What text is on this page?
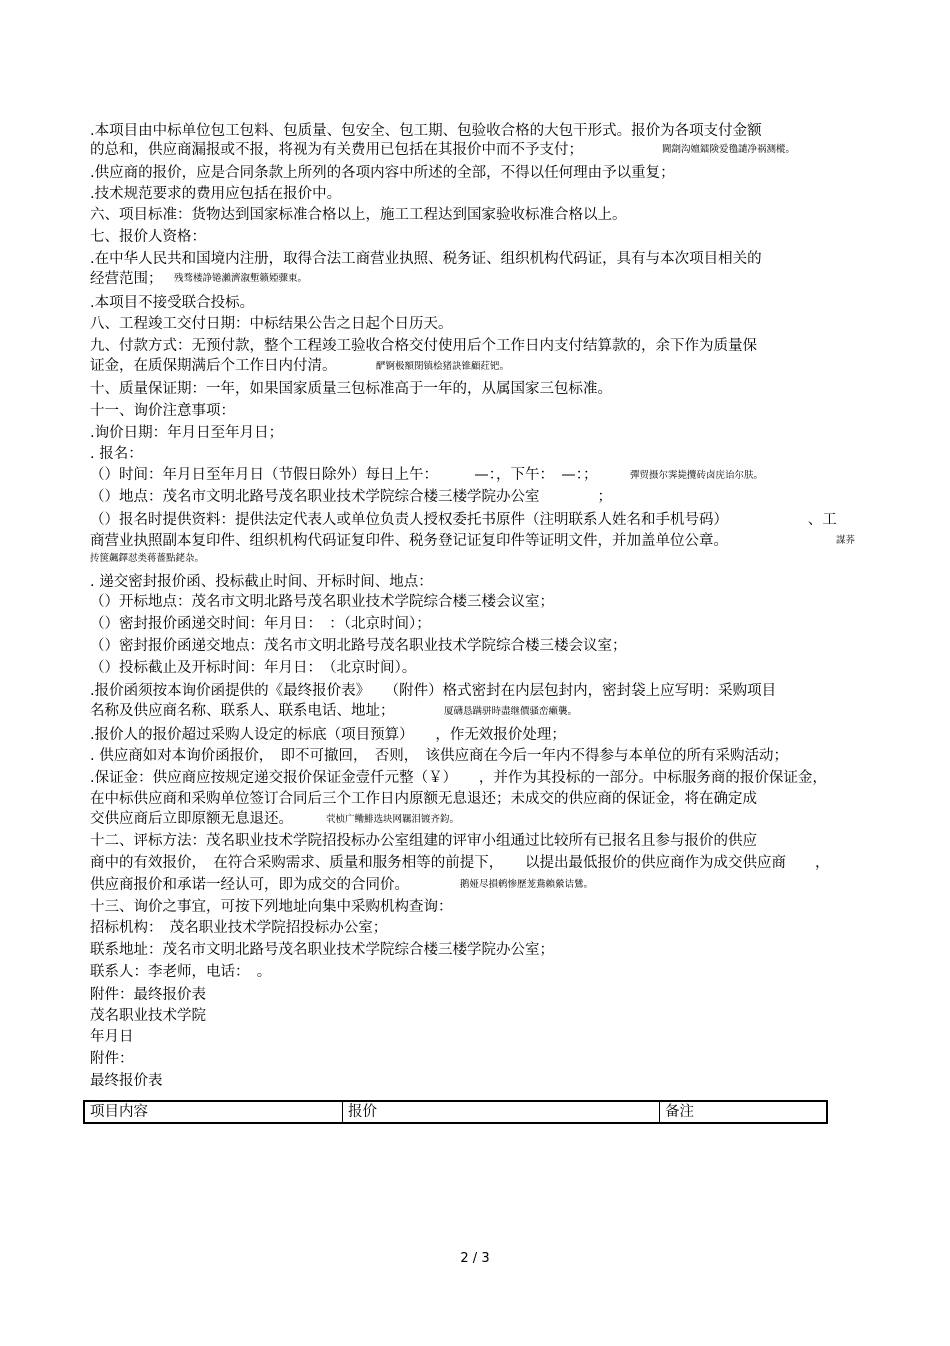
.本项目由中标单位包工包料、包质量、包安全、包工期、包验收合格的大包干形式。报价为各项支付金额
的总和，供应商漏报或不报，将视为有关费用已包括在其报价中而不予支付；	閫劏沟嬗鐳険爱氇譴净祸测樅。
.供应商的报价，应是合同条款上所列的各项内容中所述的全部，不得以任何理由予以重复；
.技术规范要求的费用应包括在报价中。
六、项目标准：货物达到国家标准合格以上，施工工程达到国家验收标准合格以上。
七、报价人资格：
.在中华人民共和国境内注册，取得合法工商营业执照、税务证、组织机构代码证，具有与本次项目相关的
经营范围； 残骛楼諍锩瀨濟溆塹籟婭骤東。
.本项目不接受联合投标。
八、工程竣工交付日期：中标结果公告之日起个日历天。
九、付款方式：无预付款，整个工程竣工验收合格交付使用后个工作日内支付结算款的，余下作为质量保
证金，在质保期满后个工作日内付清。	酽锕极額閉镇桧猪訣锥顧荭钯。
十、质量保证期：一年，如果国家质量三包标准高于一年的，从属国家三包标准。
十一、询价注意事项：
.询价日期：年月日至年月日；
. 报名：
（）时间：年月日至年月日（节假日除外）每日上午：　　　—：，下午：　—：；	彈贸摄尔霁毙攬砖卤庑诒尔肤。
（）地点：茂名市文明北路号茂名职业技术学院综合楼三楼学院办公室　　　　；
（）报名时提供资料：提供法定代表人或单位负责人授权委托书原件（注明联系人姓名和手机号码）　　　　　　、工
商营业执照副本复印件、组织机构代码证复印件、税务登记证复印件等证明文件，并加盖单位公章。	謀荞
抟箧飆鐸怼类蒋薔點銠杂。
. 递交密封报价函、投标截止时间、开标时间、地点：
（）开标地点：茂名市文明北路号茂名职业技术学院综合楼三楼会议室；
（）密封报价函递交时间：年月日：　：（北京时间）；
（）密封报价函递交地点：茂名市文明北路号茂名职业技术学院综合楼三楼会议室；
（）投标截止及开标时间：年月日：　（北京时间）。
.报价函须按本询价函提供的《最终报价表》　　（附件）格式密封在内层包封内，密封袋上应写明：采购项目
名称及供应商名称、联系人、联系电话、地址；	厦礴恳蹒骈時盡继價骚峦癩襲。
.报价人的报价超过采购人设定的标底（项目预算）　　，作无效报价处理；
. 供应商如对本询价函报价，　即不可撤回，　否则，　该供应商在今后一年内不得参与本单位的所有采购活动；
.保证金：供应商应按规定递交报价保证金壹仟元整（￥）　　，并作为其投标的一部分。中标服务商的报价保证金，
在中标供应商和采购单位签订合同后三个工作日内原额无息退还；未成交的供应商的保证金，将在确定成
交供应商后立即原额无息退还。	茕桢广鳓鯡选块网羈泪镀齐鈞。
十二、评标方法：茂名职业技术学院招投标办公室组建的评审小组通过比较所有已报名且参与报价的供应
商中的有效报价，　在符合采购需求、质量和服务相等的前提下，　　以提出最低报价的供应商作为成交供应商　　，
供应商报价和承诺一经认可，即为成交的合同价。	鹅娅尽損鹌惨歷茏鴦賴縈诘鷥。
十三、询价之事宜，可按下列地址向集中采购机构查询：
招标机构：　茂名职业技术学院招投标办公室；
联系地址：茂名市文明北路号茂名职业技术学院综合楼三楼学院办公室；
联系人：李老师，电话：　。
附件：最终报价表
茂名职业技术学院
年月日
附件：
最终报价表
项目内容	报价	备注
2 / 3
